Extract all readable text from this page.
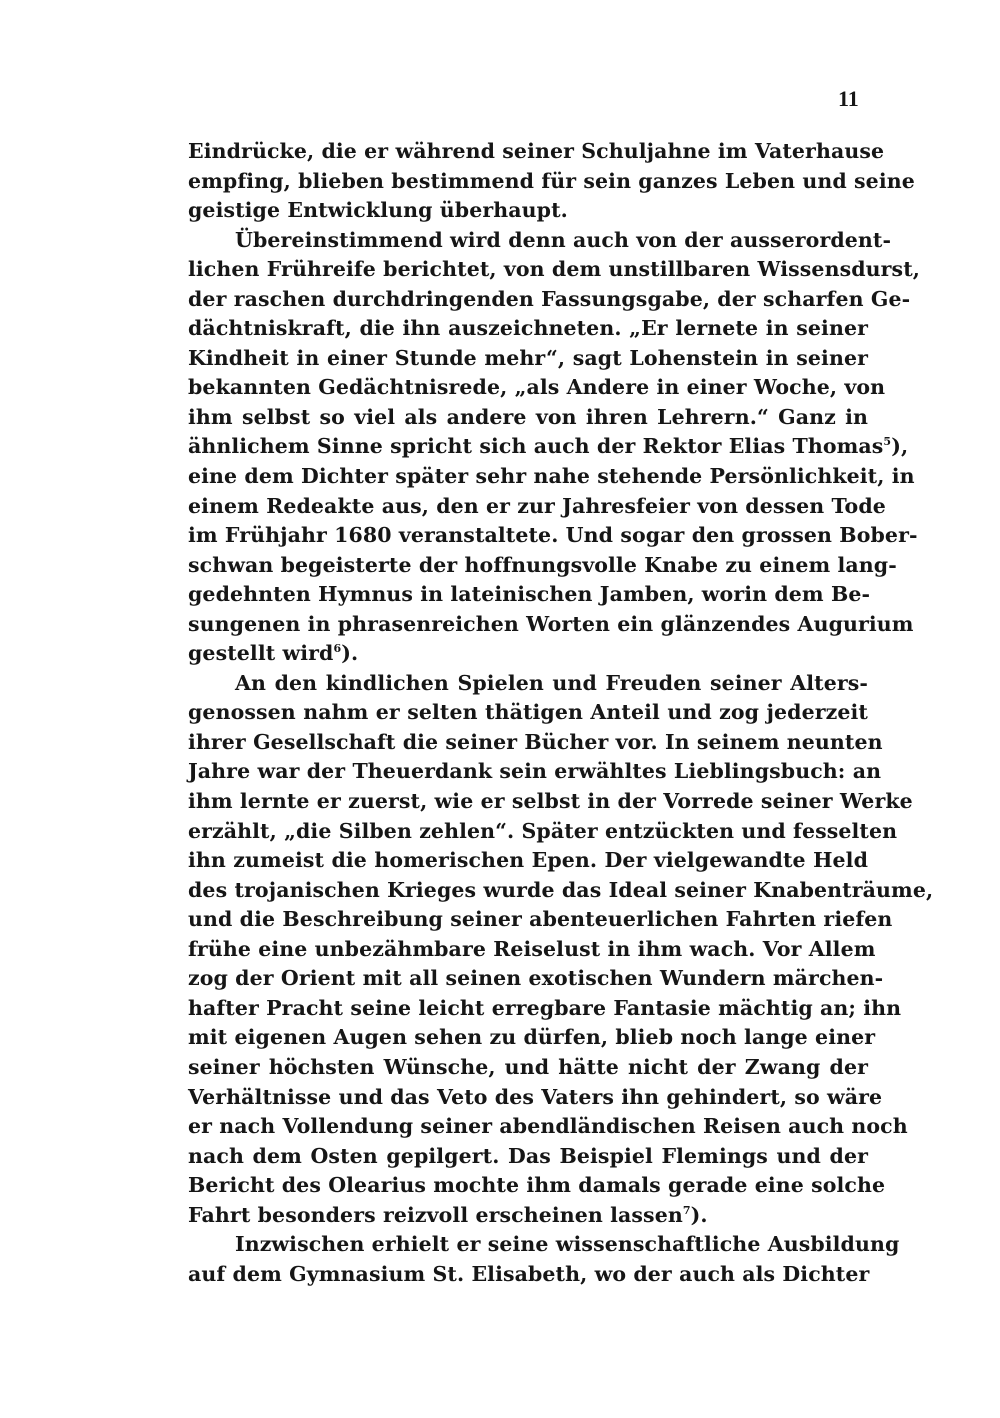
11
Eindrücke, die er während seiner Schuljahne im Vaterhause
empfing, blieben bestimmend für sein ganzes Leben und seine
geistige Entwicklung überhaupt.
Übereinstimmend wird denn auch von der ausserordent-
lichen Frühreife berichtet, von dem unstillbaren Wissensdurst,
der raschen durchdringenden Fassungsgabe, der scharfen Ge-
dächtniskraft, die ihn auszeichneten. „Er lernete in seiner
Kindheit in einer Stunde mehr“, sagt Lohenstein in seiner
bekannten Gedächtnisrede, „als Andere in einer Woche, von
ihm selbst so viel als andere von ihren Lehrern.“ Ganz in
ähnlichem Sinne spricht sich auch der Rektor Elias Thomas$^5$),
eine dem Dichter später sehr nahe stehende Persönlichkeit, in
einem Redeakte aus, den er zur Jahresfeier von dessen Tode
im Frühjahr 1680 veranstaltete. Und sogar den grossen Bober-
schwan begeisterte der hoffnungsvolle Knabe zu einem lang-
gedehnten Hymnus in lateinischen Jamben, worin dem Be-
sungenen in phrasenreichen Worten ein glänzendes Augurium
gestellt wird$^6$).
An den kindlichen Spielen und Freuden seiner Alters-
genossen nahm er selten thätigen Anteil und zog jederzeit
ihrer Gesellschaft die seiner Bücher vor. In seinem neunten
Jahre war der Theuerdank sein erwähltes Lieblingsbuch: an
ihm lernte er zuerst, wie er selbst in der Vorrede seiner Werke
erzählt, „die Silben zehlen“. Später entzückten und fesselten
ihn zumeist die homerischen Epen. Der vielgewandte Held
des trojanischen Krieges wurde das Ideal seiner Knabenträume,
und die Beschreibung seiner abenteuerlichen Fahrten riefen
frühe eine unbezähmbare Reiselust in ihm wach. Vor Allem
zog der Orient mit all seinen exotischen Wundern märchen-
hafter Pracht seine leicht erregbare Fantasie mächtig an; ihn
mit eigenen Augen sehen zu dürfen, blieb noch lange einer
seiner höchsten Wünsche, und hätte nicht der Zwang der
Verhältnisse und das Veto des Vaters ihn gehindert, so wäre
er nach Vollendung seiner abendländischen Reisen auch noch
nach dem Osten gepilgert. Das Beispiel Flemings und der
Bericht des Olearius mochte ihm damals gerade eine solche
Fahrt besonders reizvoll erscheinen lassen$^7$).
Inzwischen erhielt er seine wissenschaftliche Ausbildung
auf dem Gymnasium St. Elisabeth, wo der auch als Dichter
